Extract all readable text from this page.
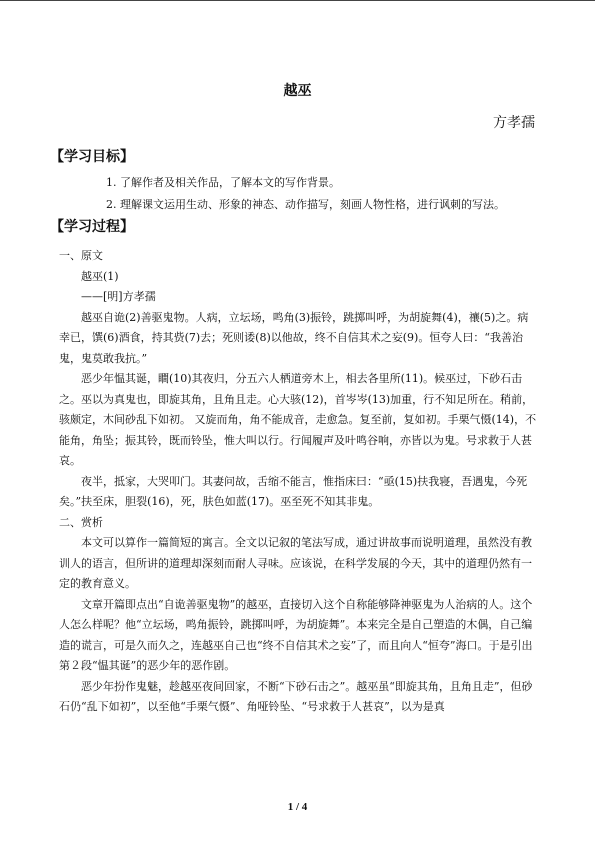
越巫
方孝孺
【学习目标】
1. 了解作者及相关作品，了解本文的写作背景。
2. 理解课文运用生动、形象的神态、动作描写，刻画人物性格，进行讽刺的写法。
【学习过程】

一、原文

越巫(1)

——[明]方孝孺

越巫自诡(2)善驱鬼物。人病，立坛场，鸣角(3)振铃，跳掷叫呼，为胡旋舞(4)，禳(5)之。病幸已，馔(6)酒食，持其赀(7)去；死则诿(8)以他故，终不自信其术之妄(9)。恒夸人曰：“我善治鬼，鬼莫敢我抗。”

恶少年愠其诞，瞷(10)其夜归，分五六人栖道旁木上，相去各里所(11)。候巫过，下砂石击之。巫以为真鬼也，即旋其角，且角且走。心大骇(12)，首岑岑(13)加重，行不知足所在。稍前，骇颇定，木间砂乱下如初。 又旋而角，角不能成音，走愈急。复至前，复如初。手栗气慑(14)，不能角，角坠；振其铃，既而铃坠，惟大叫以行。行闻履声及叶鸣谷响，亦皆以为鬼。号求救于人甚哀。

夜半，抵家，大哭叩门。其妻问故，舌缩不能言，惟指床曰：“亟(15)扶我寝，吾遇鬼，今死矣。”扶至床，胆裂(16)，死，肤色如蓝(17)。巫至死不知其非鬼。

二、赏析

本文可以算作一篇简短的寓言。全文以记叙的笔法写成，通过讲故事而说明道理，虽然没有教训人的语言，但所讲的道理却深刻而耐人寻味。应该说，在科学发展的今天，其中的道理仍然有一定的教育意义。

文章开篇即点出“自诡善驱鬼物”的越巫，直接切入这个自称能够降神驱鬼为人治病的人。这个人怎么样呢？他“立坛场，鸣角振铃，跳掷叫呼，为胡旋舞”。本来完全是自己塑造的木偶，自己编造的谎言，可是久而久之，连越巫自己也“终不自信其术之妄”了，而且向人“恒夸”海口。于是引出第２段“愠其诞”的恶少年的恶作剧。

恶少年扮作鬼魅，趁越巫夜间回家，不断“下砂石击之”。越巫虽“即旋其角，且角且走”，但砂石仍“乱下如初”，以至他“手栗气慑”、角哑铃坠、“号求救于人甚哀”，以为是真

1 / 4
